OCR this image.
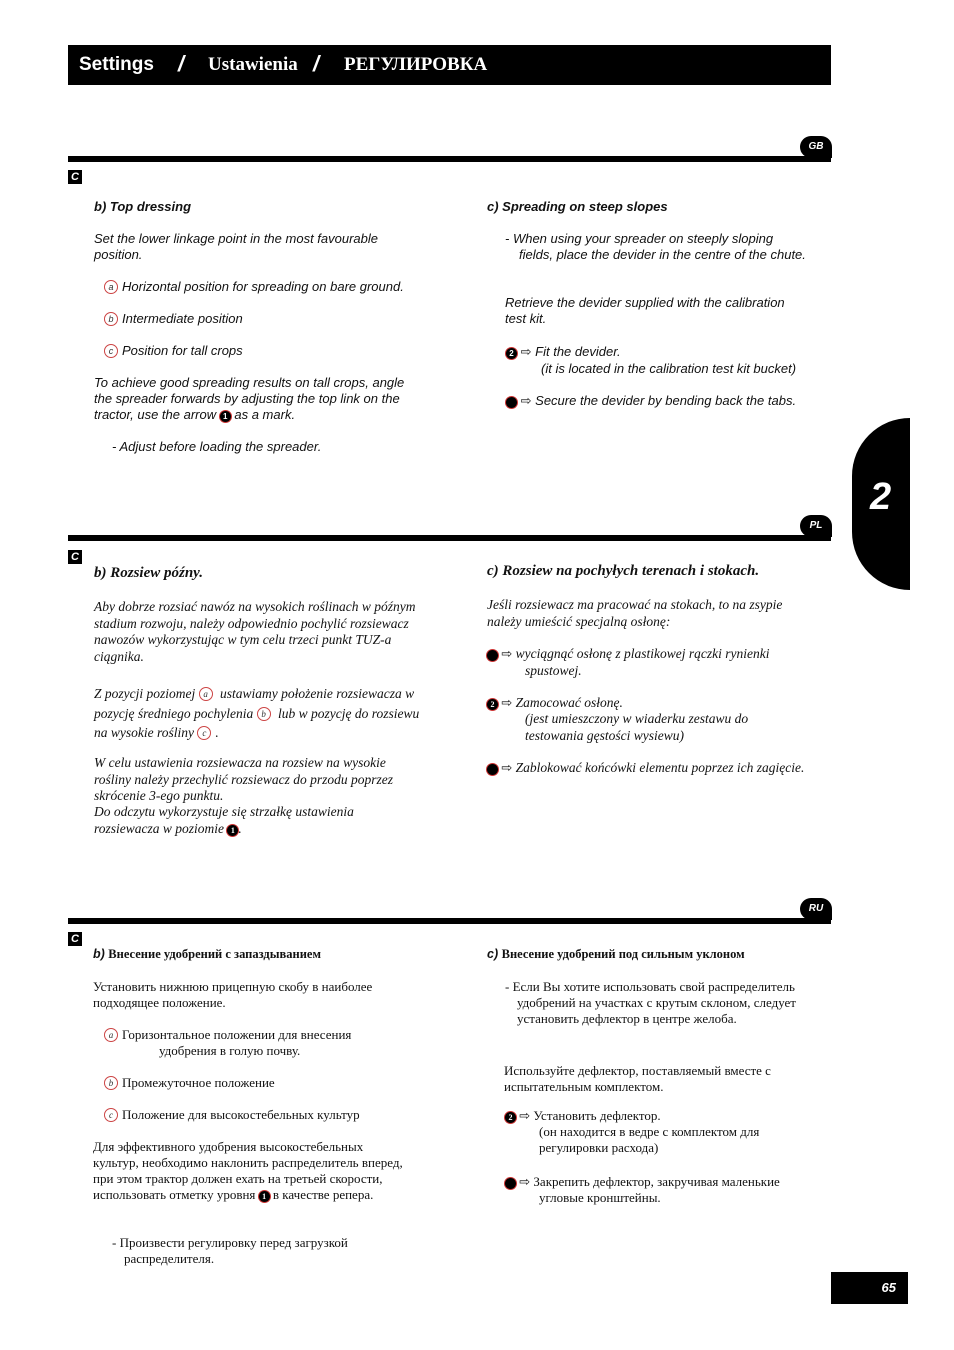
Settings / Ustawienia / РЕГУЛИРОВКА
2
GB
C
b) Top dressing
Set the lower linkage point in the most favourable position.
a Horizontal position for spreading on bare ground.
b Intermediate position
c Position for tall crops
To achieve good spreading results on tall crops, angle the spreader forwards by adjusting the top link on the tractor, use the arrow 1 as a mark.
- Adjust before loading the spreader.
c) Spreading on steep slopes
- When using your spreader on steeply sloping fields, place the devider in the centre of the chute.
Retrieve the devider supplied with the calibration test kit.
2 ⇨ Fit the devider.
(it is located in the calibration test kit bucket)
3 ⇨ Secure the devider by bending back the tabs.
PL
C
b) Rozsiew późny.
Aby dobrze rozsiać nawóz na wysokich roślinach w późnym stadium rozwoju, należy odpowiednio pochylić rozsiewacz nawozów wykorzystując w tym celu trzeci punkt TUZ-a ciągnika.
Z pozycji poziomej a ustawiamy położenie rozsiewacza w pozycję średniego pochylenia b lub w pozycję do rozsiewu na wysokie rośliny c .
W celu ustawienia rozsiewacza na rozsiew na wysokie rośliny należy przechylić rozsiewacz do przodu poprzez skrócenie 3-ego punktu.
Do odczytu wykorzystuje się strzałkę ustawienia rozsiewacza w poziomie 1 .
c) Rozsiew na pochyłych terenach i stokach.
Jeśli rozsiewacz ma pracować na stokach, to na zsypie należy umieścić specjalną osłonę:
1 ⇨ wyciągnąć osłonę z plastikowej rączki rynienki spustowej.
2 ⇨ Zamocować osłonę.
(jest umieszczony w wiaderku zestawu do testowania gęstości wysiewu)
3 ⇨ Zablokować końcówki elementu poprzez ich zagięcie.
RU
C
b) Внесение удобрений с запаздыванием
Установить нижнюю прицепную скобу в наиболее подходящее положение.
a Горизонтальное положении для внесения
удобрения в голую почву.
b Промежуточное положение
c Положение для высокостебельных культур
Для эффективного удобрения высокостебельных культур, необходимо наклонить распределитель вперед, при этом трактор должен ехать на третьей скорости, использовать отметку уровня 1 в качестве репера.
- Произвести регулировку перед загрузкой распределителя.
c) Внесение удобрений под сильным уклоном
- Если Вы хотите использовать свой распределитель удобрений на участках с крутым склоном, следует установить дефлектор в центре желоба.
Используйте дефлектор, поставляемый вместе с испытательным комплектом.
2 ⇨ Установить дефлектор.
(он находится в ведре с комплектом для регулировки расхода)
3 ⇨ Закрепить дефлектор, закручивая маленькие угловые кронштейны.
65
